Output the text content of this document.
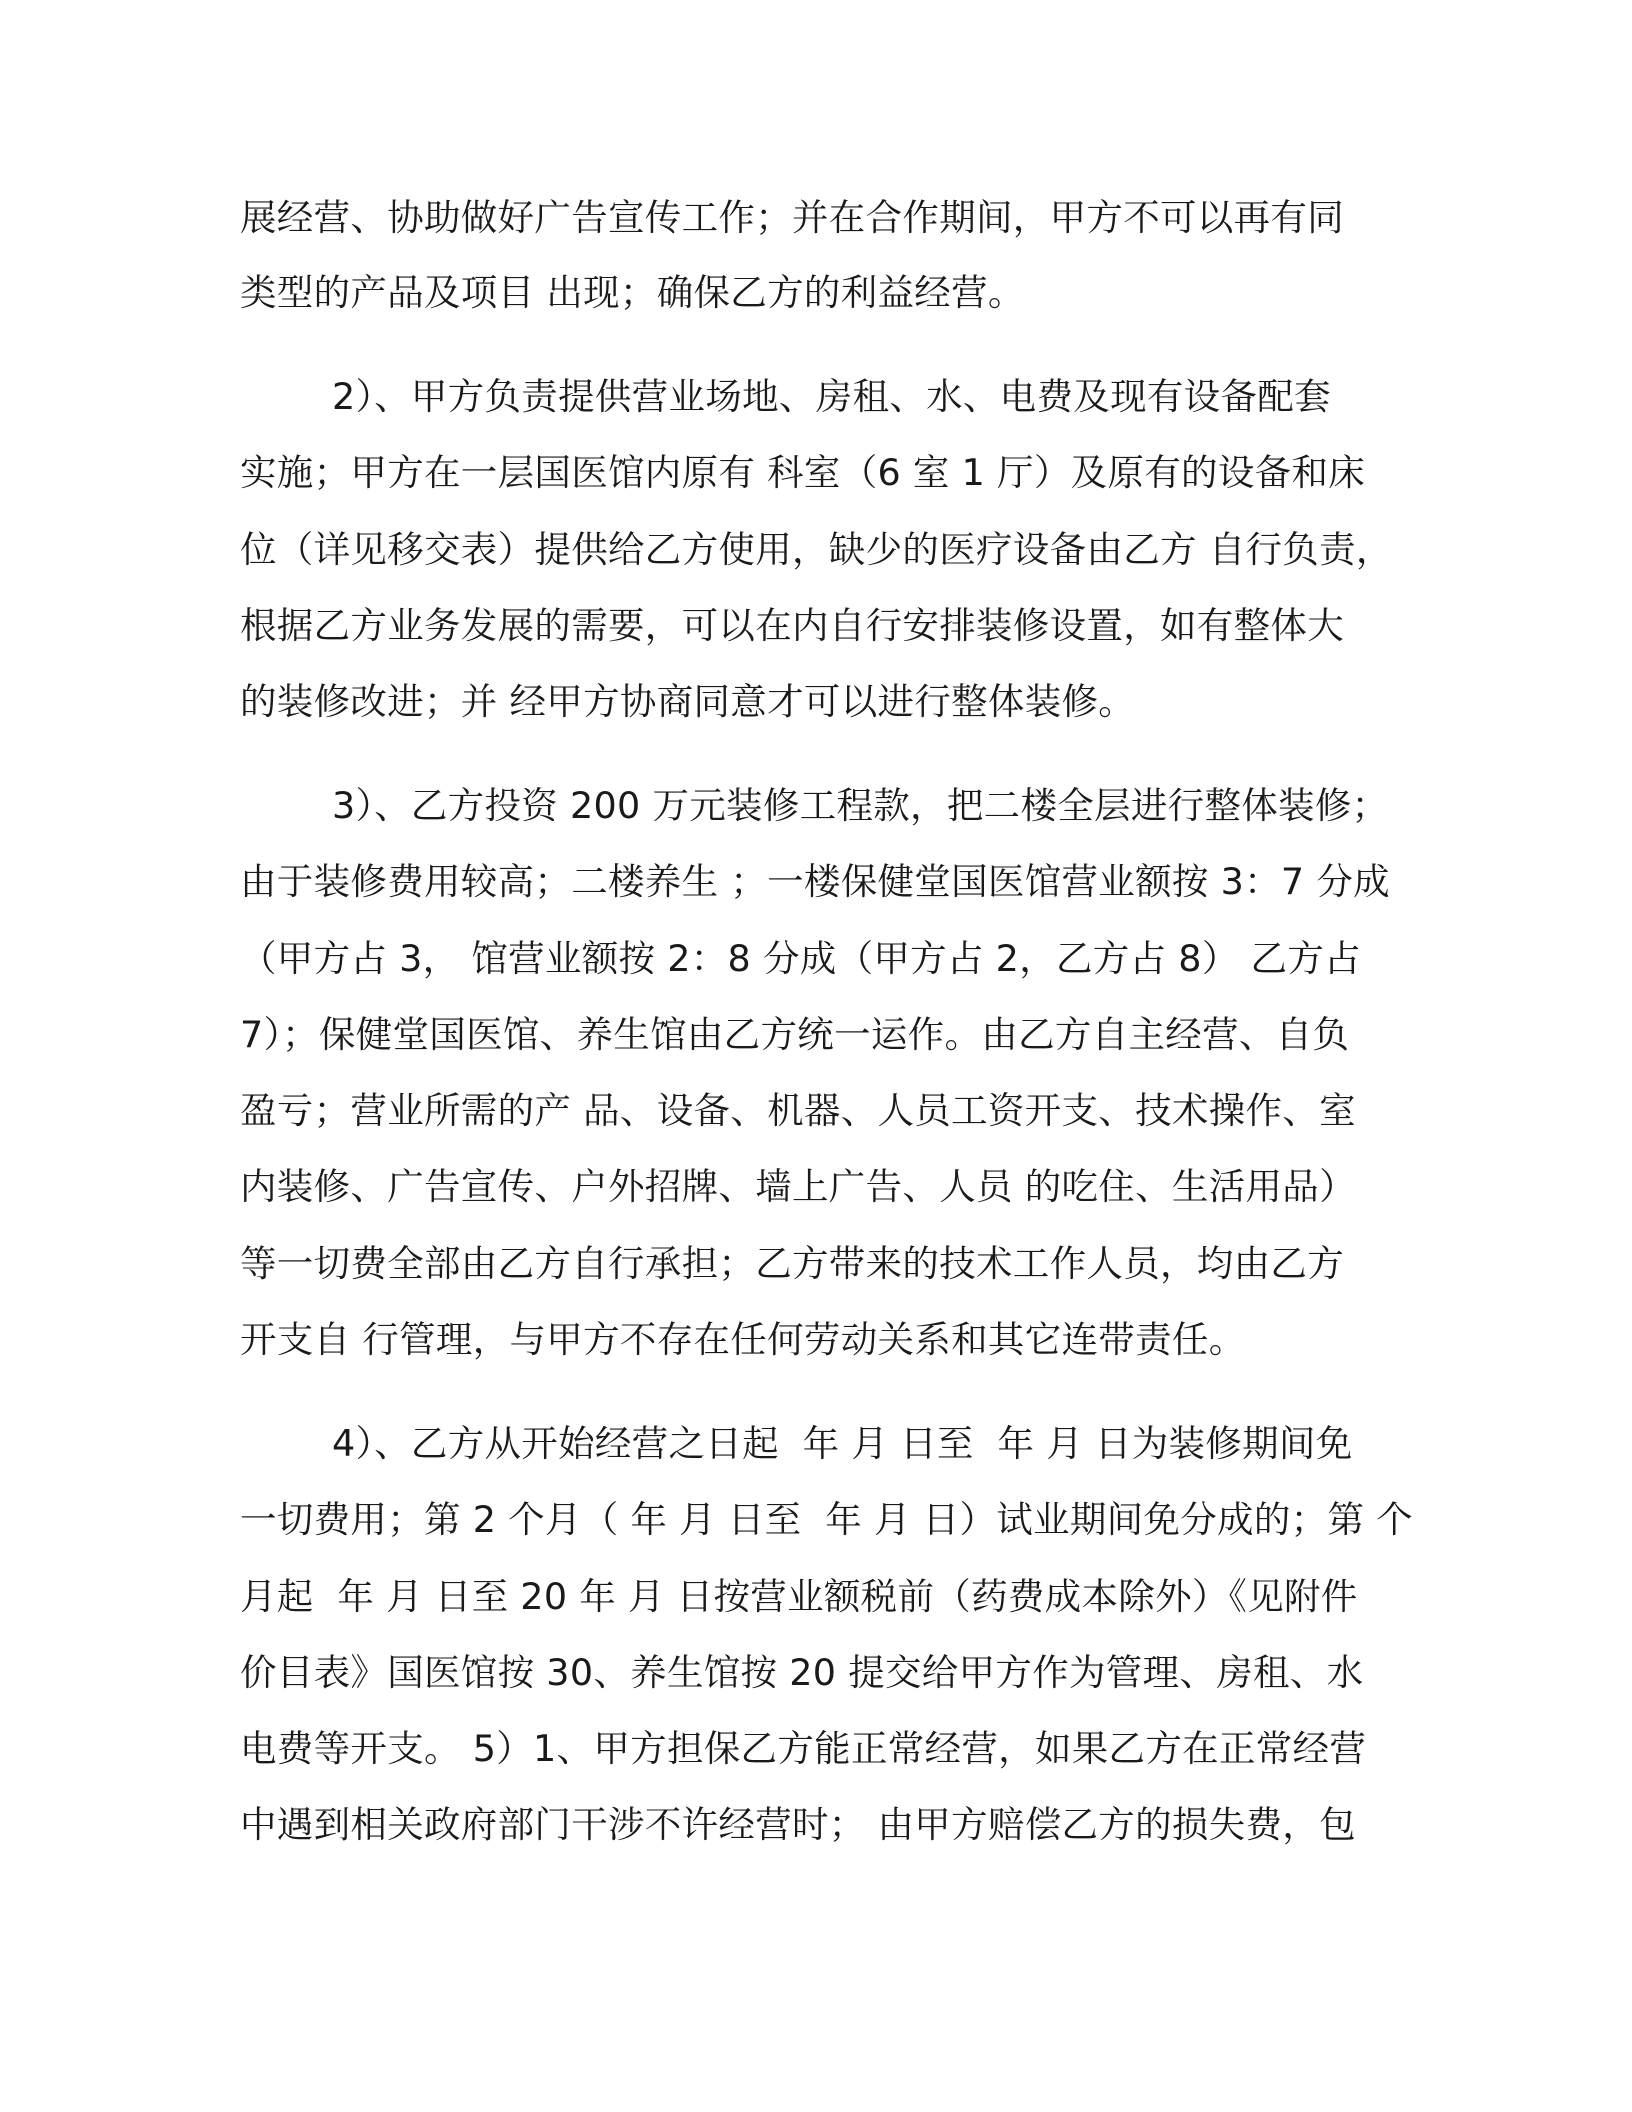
展经营、协助做好广告宣传工作；并在合作期间，甲方不可以再有同

类型的产品及项目 出现；确保乙方的利益经营。

2）、甲方负责提供营业场地、房租、水、电费及现有设备配套

实施；甲方在一层国医馆内原有 科室（6 室 1 厅）及原有的设备和床

位（详见移交表）提供给乙方使用，缺少的医疗设备由乙方 自行负责，

根据乙方业务发展的需要，可以在内自行安排装修设置，如有整体大

的装修改进；并 经甲方协商同意才可以进行整体装修。

3）、乙方投资 200 万元装修工程款，把二楼全层进行整体装修；

由于装修费用较高；二楼养生 ；一楼保健堂国医馆营业额按 3：7 分成

（甲方占 3， 馆营业额按 2：8 分成（甲方占 2，乙方占 8） 乙方占

7）；保健堂国医馆、养生馆由乙方统一运作。由乙方自主经营、自负

盈亏；营业所需的产 品、设备、机器、人员工资开支、技术操作、室

内装修、广告宣传、户外招牌、墙上广告、人员 的吃住、生活用品）

等一切费全部由乙方自行承担；乙方带来的技术工作人员，均由乙方

开支自 行管理，与甲方不存在任何劳动关系和其它连带责任。

4）、乙方从开始经营之日起  年 月 日至  年 月 日为装修期间免

一切费用；第 2 个月（ 年 月 日至  年 月 日）试业期间免分成的；第 个

月起  年 月 日至 20 年 月 日按营业额税前（药费成本除外）《见附件

价目表》国医馆按 30、养生馆按 20 提交给甲方作为管理、房租、水

电费等开支。 5）1、甲方担保乙方能正常经营，如果乙方在正常经营

中遇到相关政府部门干涉不许经营时； 由甲方赔偿乙方的损失费，包
